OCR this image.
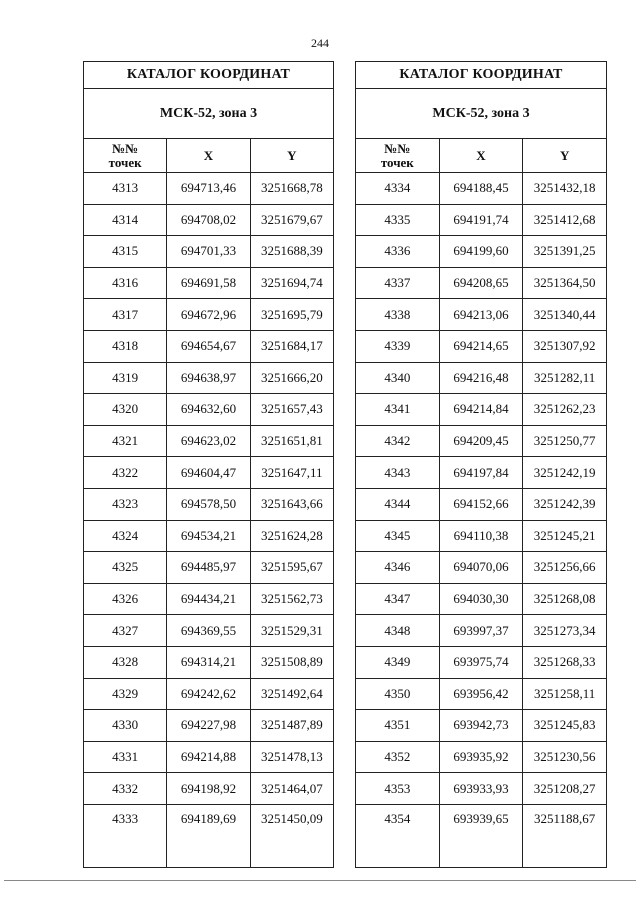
244
КАТАЛОГ КООРДИНАТ		
МСК-52, зона 3		
№№
точек	X	Y
4313	694713,46	3251668,78
4314	694708,02	3251679,67
4315	694701,33	3251688,39
4316	694691,58	3251694,74
4317	694672,96	3251695,79
4318	694654,67	3251684,17
4319	694638,97	3251666,20
4320	694632,60	3251657,43
4321	694623,02	3251651,81
4322	694604,47	3251647,11
4323	694578,50	3251643,66
4324	694534,21	3251624,28
4325	694485,97	3251595,67
4326	694434,21	3251562,73
4327	694369,55	3251529,31
4328	694314,21	3251508,89
4329	694242,62	3251492,64
4330	694227,98	3251487,89
4331	694214,88	3251478,13
4332	694198,92	3251464,07
4333	694189,69	3251450,09
КАТАЛОГ КООРДИНАТ		
МСК-52, зона 3		
№№
точек	X	Y
4334	694188,45	3251432,18
4335	694191,74	3251412,68
4336	694199,60	3251391,25
4337	694208,65	3251364,50
4338	694213,06	3251340,44
4339	694214,65	3251307,92
4340	694216,48	3251282,11
4341	694214,84	3251262,23
4342	694209,45	3251250,77
4343	694197,84	3251242,19
4344	694152,66	3251242,39
4345	694110,38	3251245,21
4346	694070,06	3251256,66
4347	694030,30	3251268,08
4348	693997,37	3251273,34
4349	693975,74	3251268,33
4350	693956,42	3251258,11
4351	693942,73	3251245,83
4352	693935,92	3251230,56
4353	693933,93	3251208,27
4354	693939,65	3251188,67
